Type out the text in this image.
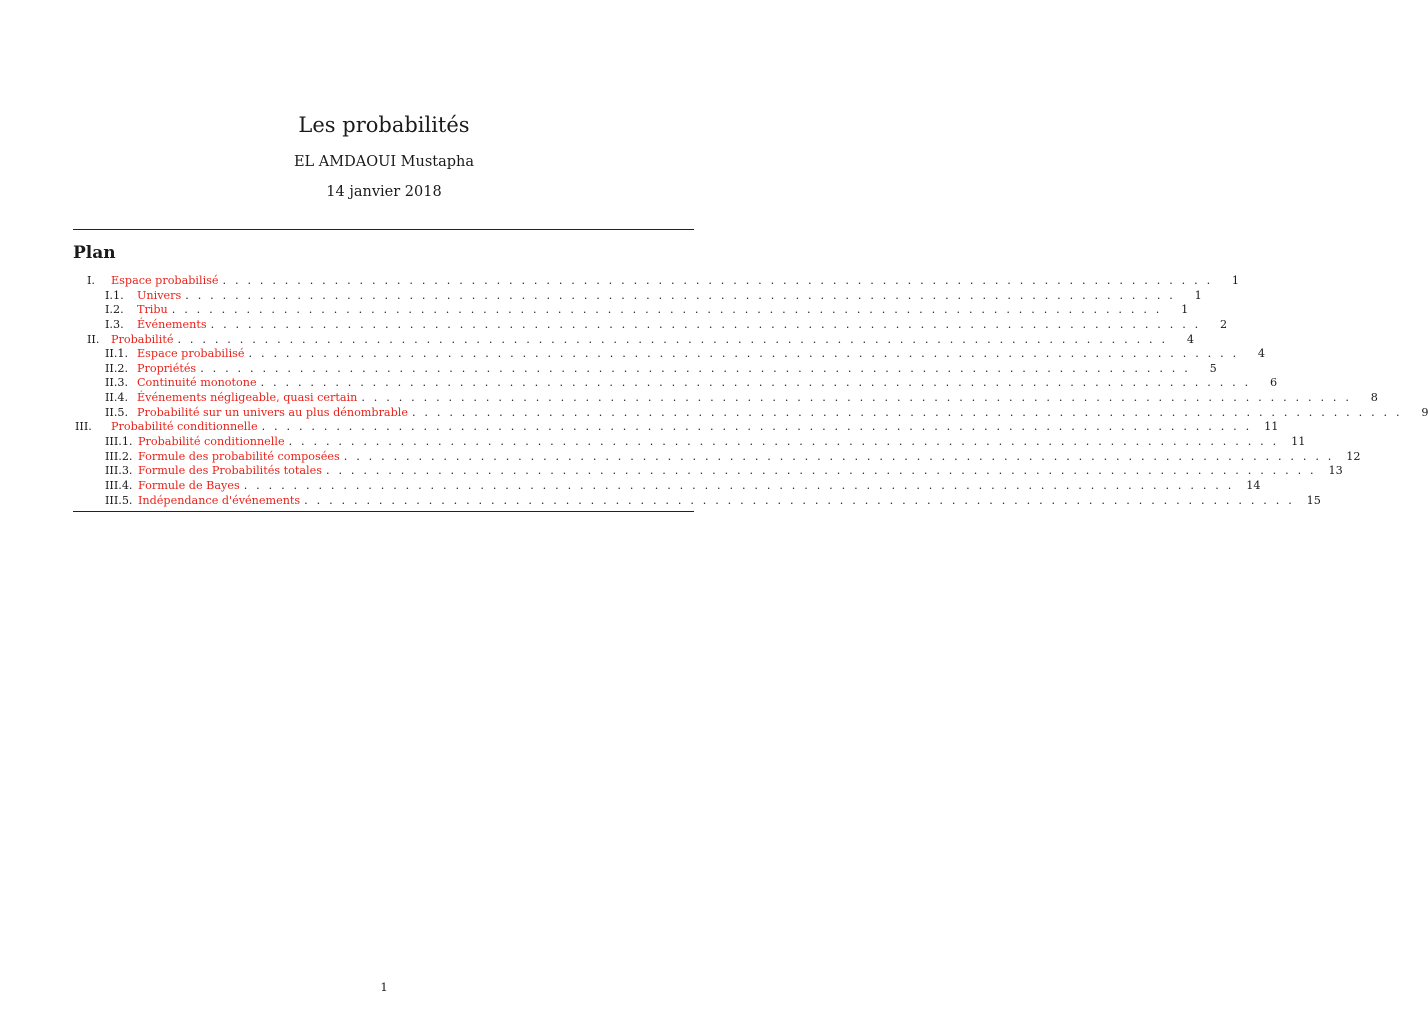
Les probabilités
EL AMDAOUI Mustapha
14 janvier 2018
Plan
I.	Espace probabilisé ................................................................................	1
I.1.	Univers ................................................................................	1
I.2.	Tribu ................................................................................	1
I.3.	Événements ................................................................................	2
II.	Probabilité ................................................................................	4
II.1. Espace probabilisé ................................................................................	4
II.2. Propriétés ................................................................................	5
II.3. Continuité monotone ................................................................................	6
II.4. Événements négligeable, quasi certain ................................................................................	8
II.5. Probabilité sur un univers au plus dénombrable ................................................................................	9
III.	Probabilité conditionnelle ................................................................................ 11
III.1. Probabilité conditionnelle ................................................................................ 11
III.2. Formule des probabilité composées ................................................................................ 12
III.3. Formule des Probabilités totales ................................................................................ 13
III.4. Formule de Bayes ................................................................................ 14
III.5. Indépendance d'événements ................................................................................ 15
1
